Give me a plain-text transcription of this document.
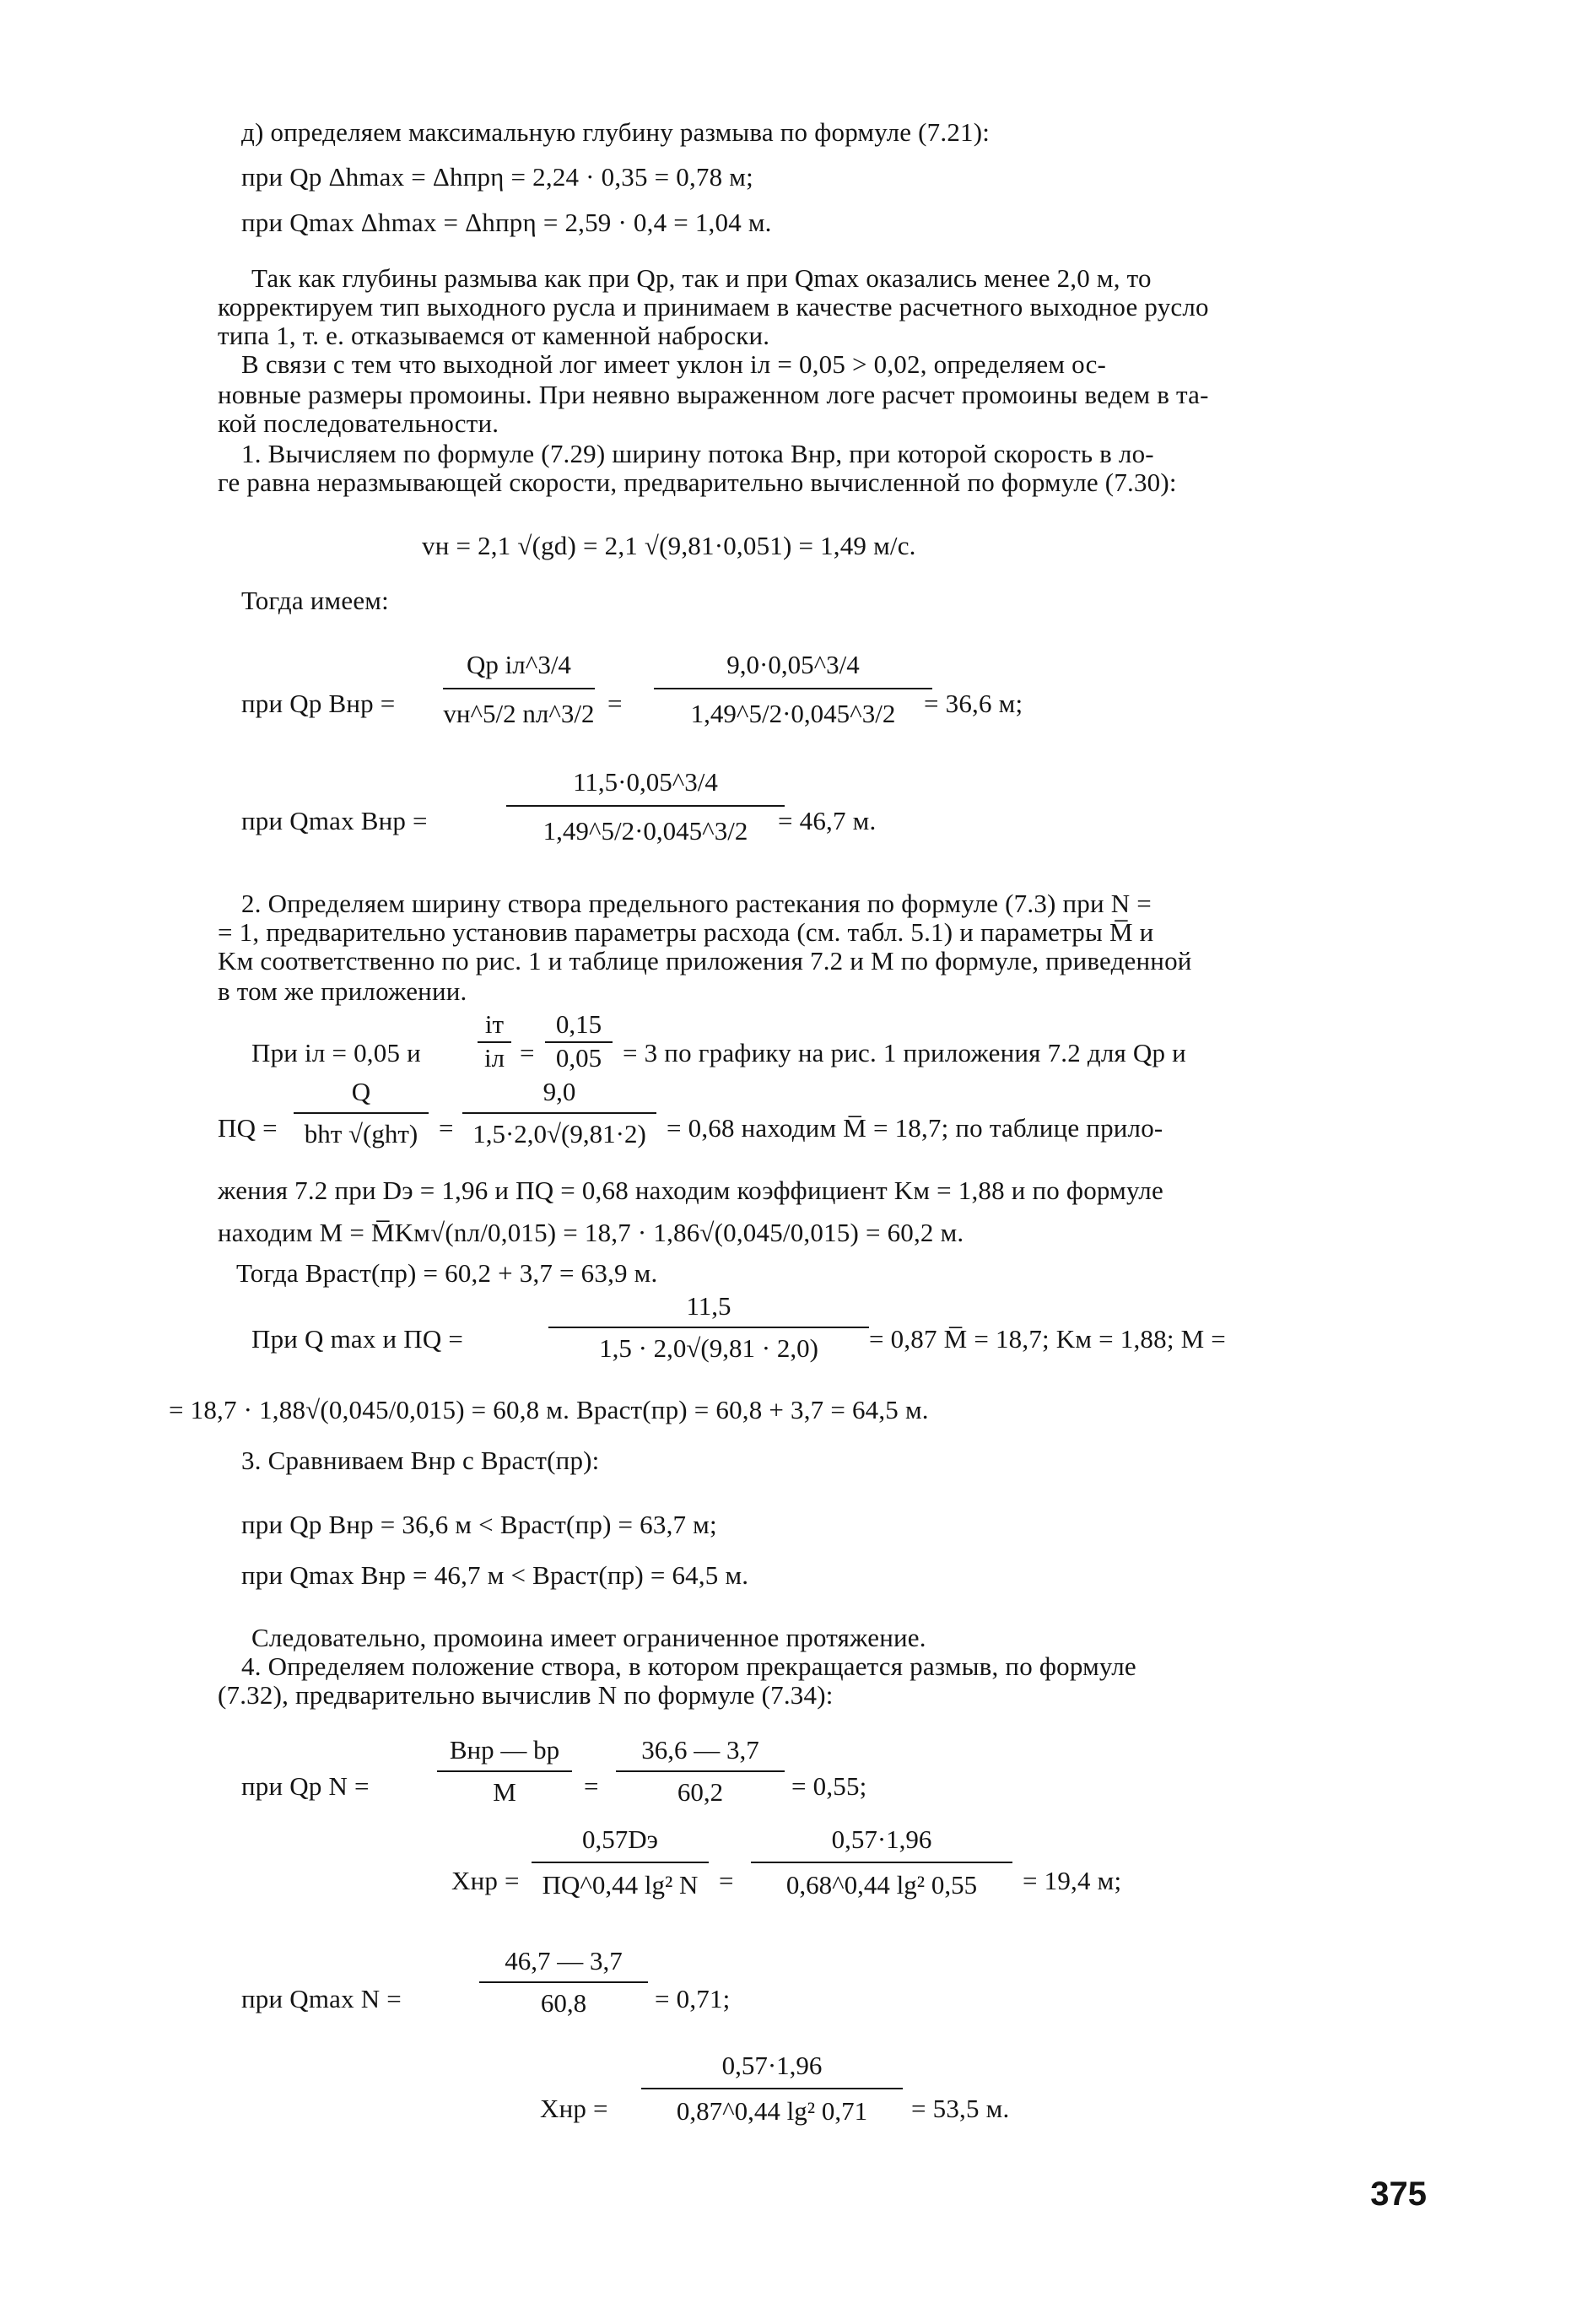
д) определяем максимальную глубину размыва по формуле (7.21):
при Qр Δhmax = Δhпрη = 2,24 · 0,35 = 0,78 м;
при Qmax Δhmax = Δhпрη = 2,59 · 0,4 = 1,04 м.
Так как глубины размыва как при Qр, так и при Qmax оказались менее 2,0 м, то
корректируем тип выходного русла и принимаем в качестве расчетного выходное русло
типа 1, т. е. отказываемся от каменной наброски.
В связи с тем что выходной лог имеет уклон iл = 0,05 > 0,02, определяем ос-
новные размеры промоины. При неявно выраженном логе расчет промоины ведем в та-
кой последовательности.
1. Вычисляем по формуле (7.29) ширину потока Bнр, при которой скорость в ло-
ге равна неразмывающей скорости, предварительно вычисленной по формуле (7.30):
vн = 2,1 √(gd) = 2,1 √(9,81·0,051) = 1,49 м/с.
Тогда имеем:
при Qр Bнр =
Qр iл^3/4
vн^5/2 nл^3/2 =
9,0·0,05^3/4
1,49^5/2·0,045^3/2	= 36,6 м;
при Qmax Bнр =
11,5·0,05^3/4
1,49^5/2·0,045^3/2	= 46,7 м.
2. Определяем ширину створа предельного растекания по формуле (7.3) при N =
= 1, предварительно установив параметры расхода (см. табл. 5.1) и параметры M̅ и
Kм соответственно по рис. 1 и таблице приложения 7.2 и M по формуле, приведенной
в том же приложении.
При iл = 0,05 и
iт
iл =
0,15
0,05 = 3 по графику на рис. 1 приложения 7.2 для Qр и
ΠQ =
Q
bhт √(ghт) =
9,0
1,5·2,0√(9,81·2) = 0,68 находим M̅ = 18,7; по таблице прило-
жения 7.2 при Dэ = 1,96 и ΠQ = 0,68 находим коэффициент Kм = 1,88 и по формуле
находим M = M̅Kм√(nл/0,015) = 18,7 · 1,86√(0,045/0,015) = 60,2 м.
Тогда Bраст(пр) = 60,2 + 3,7 = 63,9 м.
При Q max и ΠQ =
11,5
1,5 · 2,0√(9,81 · 2,0)	= 0,87 M̅ = 18,7; Kм = 1,88; M =
= 18,7 · 1,88√(0,045/0,015) = 60,8 м. Bраст(пр) = 60,8 + 3,7 = 64,5 м.
3. Сравниваем Bнр с Bраст(пр):
при Qр Bнр = 36,6 м < Bраст(пр) = 63,7 м;
при Qmax Bнр = 46,7 м < Bраст(пр) = 64,5 м.
Следовательно, промоина имеет ограниченное протяжение.
4. Определяем положение створа, в котором прекращается размыв, по формуле
(7.32), предварительно вычислив N по формуле (7.34):
при Qр N =
Bнр — bр
M	=
36,6 — 3,7
60,2	= 0,55;
Xнр =
0,57Dэ
ΠQ^0,44 lg² N =
0,57·1,96
0,68^0,44 lg² 0,55	= 19,4 м;
при Qmax N =
46,7 — 3,7
60,8	= 0,71;
Xнр =
0,57·1,96
0,87^0,44 lg² 0,71	= 53,5 м.
375
